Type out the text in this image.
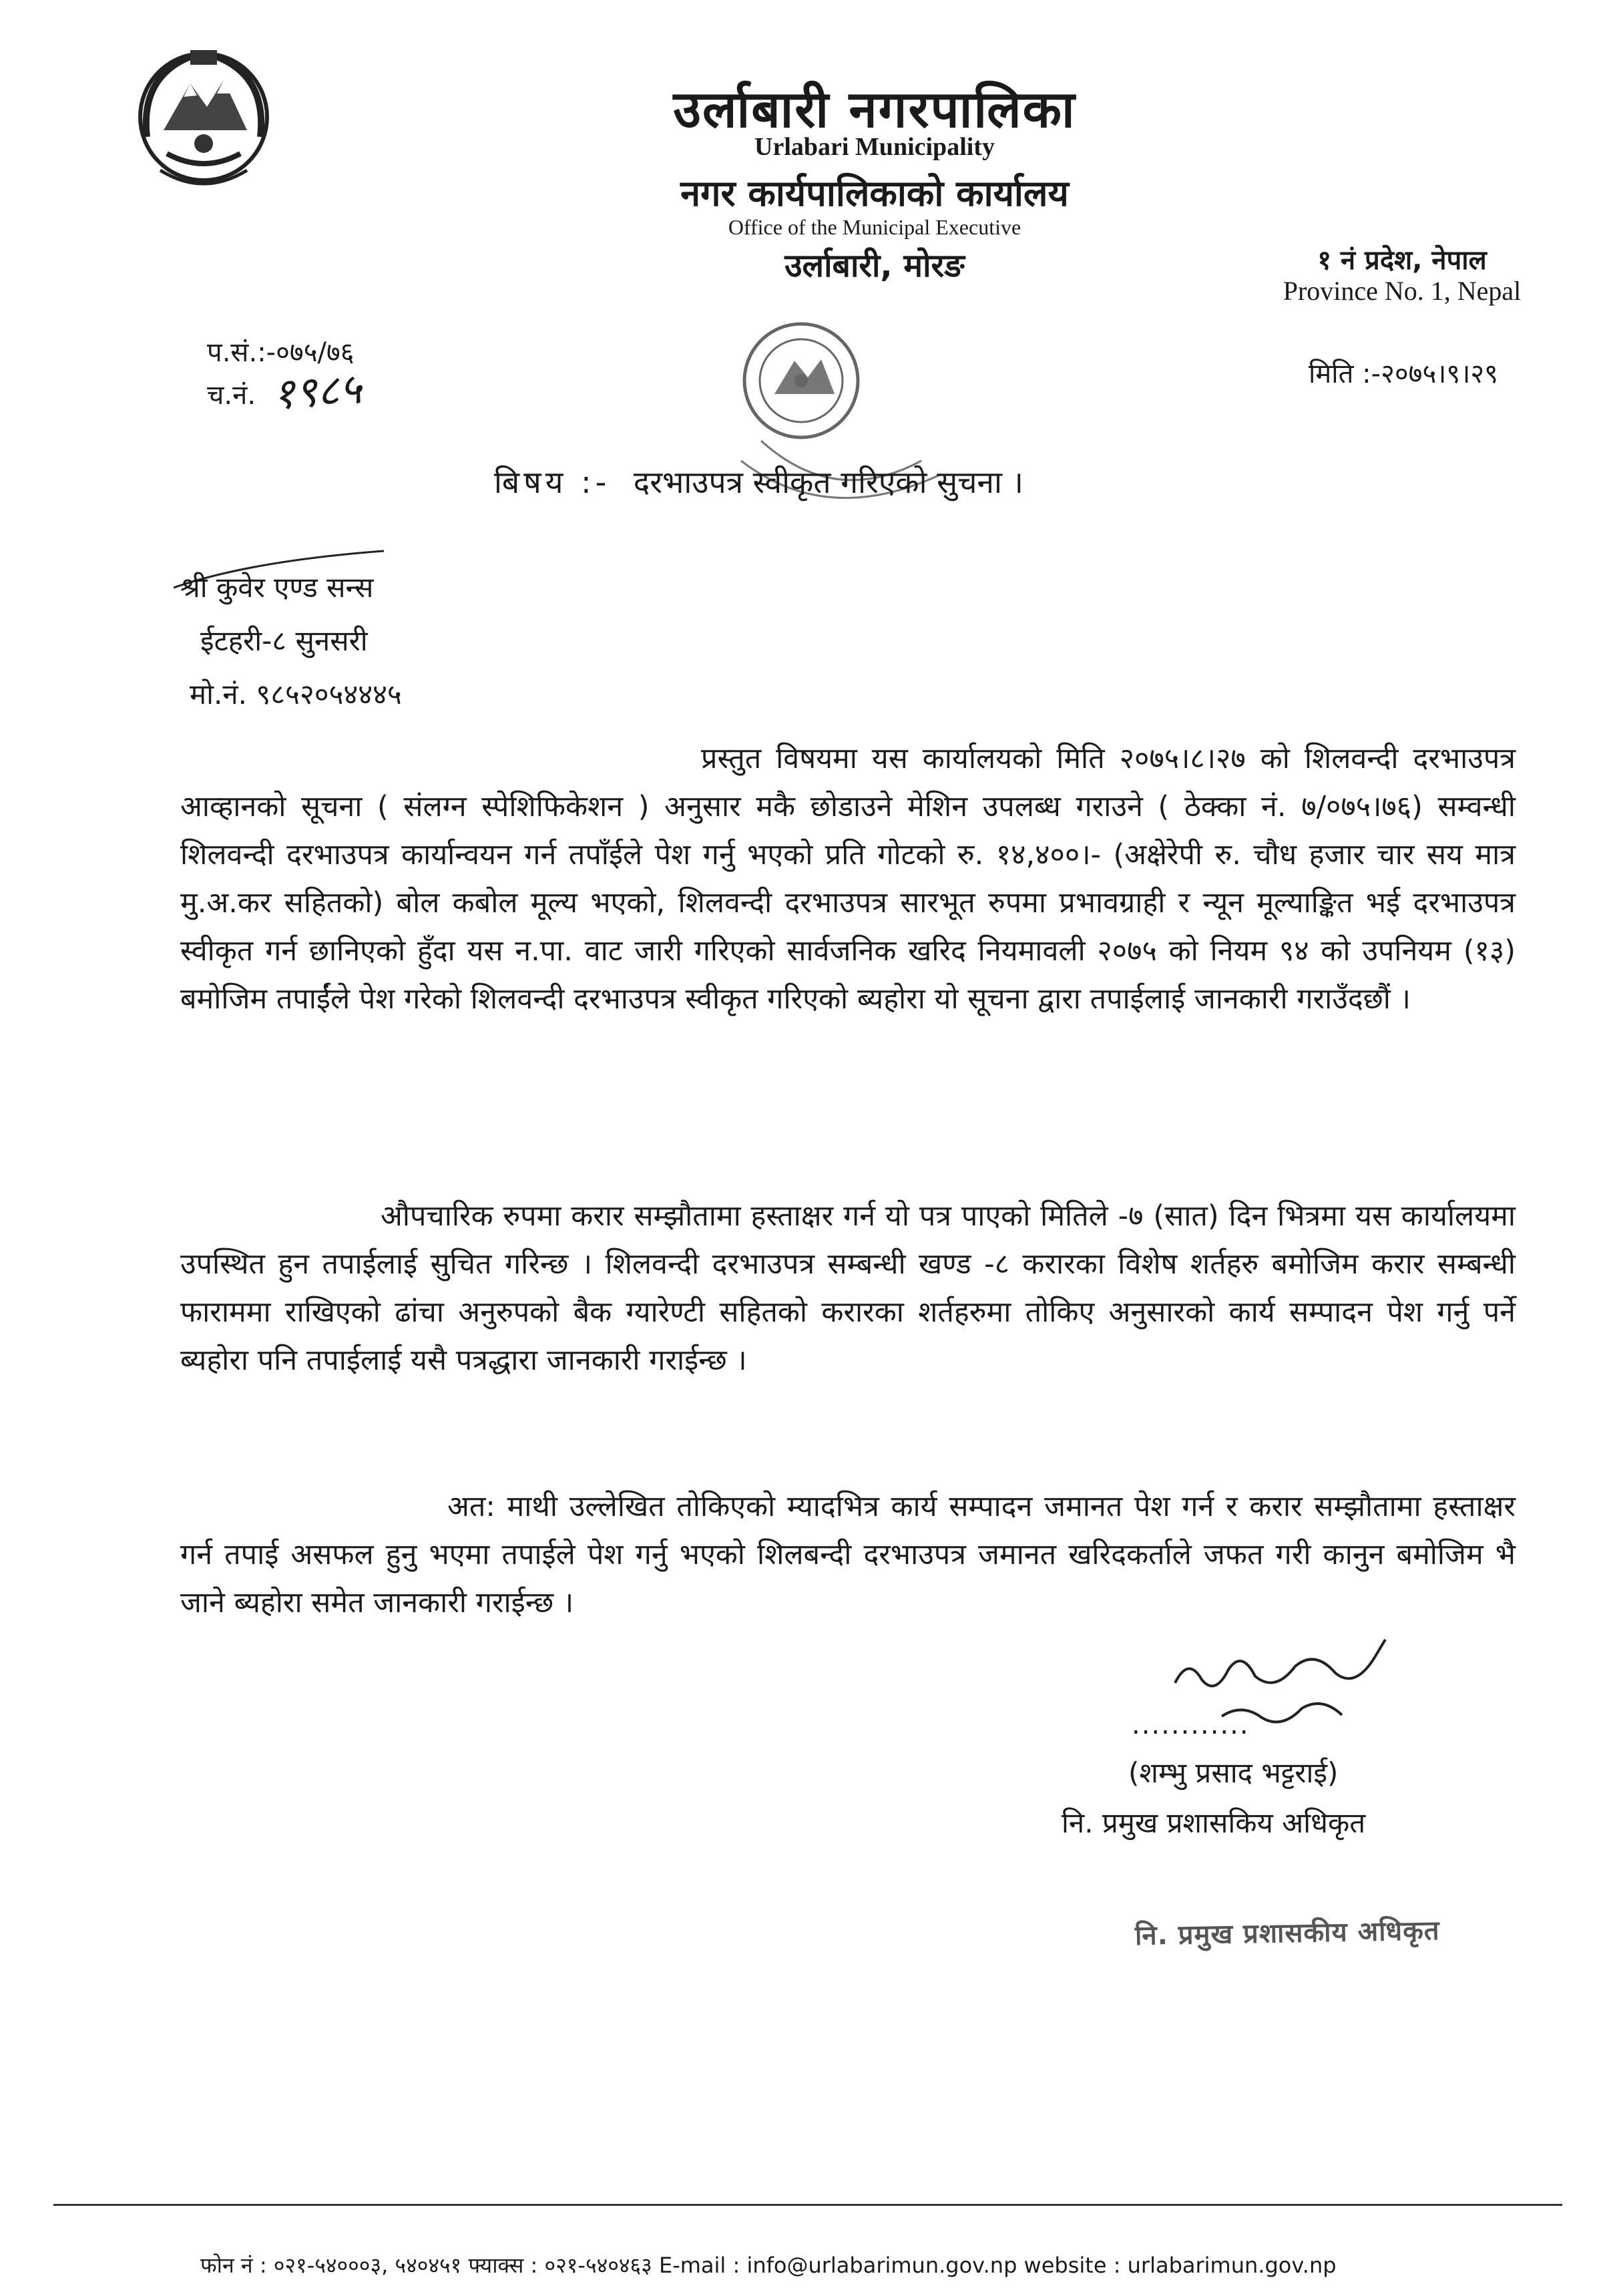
उर्लाबारी नगरपालिका
Urlabari Municipality
नगर कार्यपालिकाको कार्यालय
Office of the Municipal Executive
उर्लाबारी, मोरङ	१ नं प्रदेश, नेपाल
Province No. 1, Nepal
प.सं.:-०७५/७६
च.नं. १९८५	मिति :-२०७५।९।२९
बिषय :- दरभाउपत्र स्वीकृत गरिएको सुचना ।
श्री कुवेर एण्ड सन्स
ईटहरी-८ सुनसरी
मो.नं. ९८५२०५४४४५
प्रस्तुत विषयमा यस कार्यालयको मिति २०७५।८।२७ को शिलवन्दी दरभाउपत्र आव्हानको सूचना ( संलग्न स्पेशिफिकेशन ) अनुसार मकै छोडाउने मेशिन उपलब्ध गराउने ( ठेक्का नं. ७/०७५।७६) सम्वन्धी शिलवन्दी दरभाउपत्र कार्यान्वयन गर्न तपाँईले पेश गर्नु भएको प्रति गोटको रु. १४,४००।- (अक्षेरेपी रु. चौध हजार चार सय मात्र मु.अ.कर सहितको) बोल कबोल मूल्य भएको, शिलवन्दी दरभाउपत्र सारभूत रुपमा प्रभावग्राही र न्यून मूल्याङ्कित भई दरभाउपत्र स्वीकृत गर्न छानिएको हुँदा यस न.पा. वाट जारी गरिएको सार्वजनिक खरिद नियमावली २०७५ को नियम ९४ को उपनियम (१३) बमोजिम तपाईंले पेश गरेको शिलवन्दी दरभाउपत्र स्वीकृत गरिएको ब्यहोरा यो सूचना द्वारा तपाईलाई जानकारी गराउँदछौं ।
औपचारिक रुपमा करार सम्झौतामा हस्ताक्षर गर्न यो पत्र पाएको मितिले -७ (सात) दिन भित्रमा यस कार्यालयमा उपस्थित हुन तपाईलाई सुचित गरिन्छ । शिलवन्दी दरभाउपत्र सम्बन्धी खण्ड -८ करारका विशेष शर्तहरु बमोजिम करार सम्बन्धी फाराममा राखिएको ढांचा अनुरुपको बैक ग्यारेण्टी सहितको करारका शर्तहरुमा तोकिए अनुसारको कार्य सम्पादन पेश गर्नु पर्ने ब्यहोरा पनि तपाईलाई यसै पत्रद्धारा जानकारी गराईन्छ ।
अत: माथी उल्लेखित तोकिएको म्यादभित्र कार्य सम्पादन जमानत पेश गर्न र करार सम्झौतामा हस्ताक्षर गर्न तपाई असफल हुनु भएमा तपाईले पेश गर्नु भएको शिलबन्दी दरभाउपत्र जमानत खरिदकर्ताले जफत गरी कानुन बमोजिम भै जाने ब्यहोरा समेत जानकारी गराईन्छ ।
............
(शम्भु प्रसाद भट्टराई)
नि. प्रमुख प्रशासकिय अधिकृत
नि. प्रमुख प्रशासकीय अधिकृत
फोन नं : ०२१-५४०००३, ५४०४५१ फ्याक्स : ०२१-५४०४६३ E-mail : info@urlabarimun.gov.np website : urlabarimun.gov.np
